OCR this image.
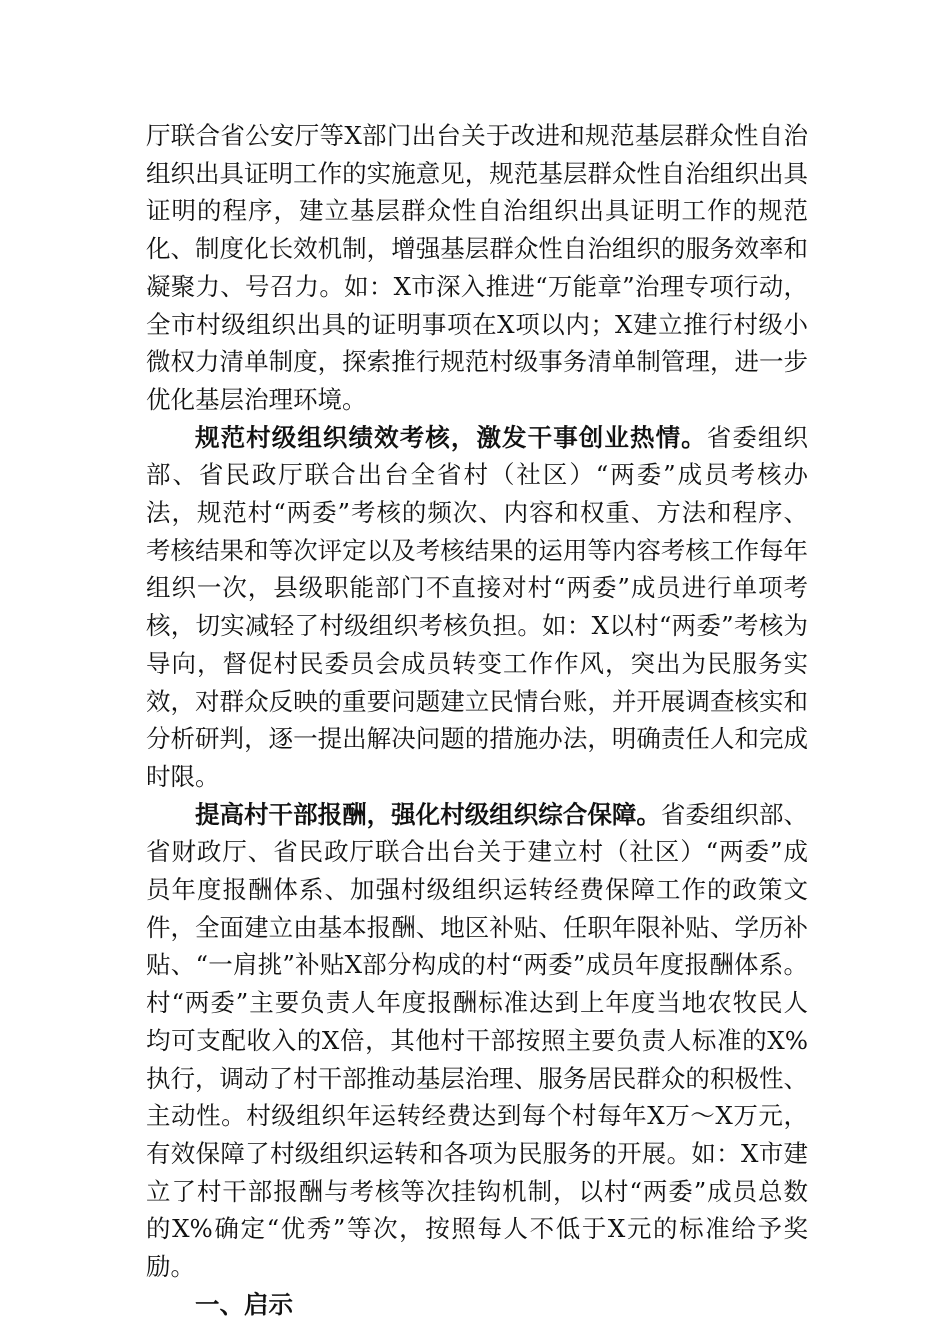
厅联合省公安厅等X部门出台关于改进和规范基层群众性自治组织出具证明工作的实施意见，规范基层群众性自治组织出具证明的程序，建立基层群众性自治组织出具证明工作的规范化、制度化长效机制，增强基层群众性自治组织的服务效率和凝聚力、号召力。如：X市深入推进“万能章”治理专项行动，全市村级组织出具的证明事项在X项以内；X建立推行村级小微权力清单制度，探索推行规范村级事务清单制管理，进一步优化基层治理环境。

规范村级组织绩效考核，激发干事创业热情。省委组织部、省民政厅联合出台全省村（社区）“两委”成员考核办法，规范村“两委”考核的频次、内容和权重、方法和程序、考核结果和等次评定以及考核结果的运用等内容考核工作每年组织一次，县级职能部门不直接对村“两委”成员进行单项考核，切实减轻了村级组织考核负担。如：X以村“两委”考核为导向，督促村民委员会成员转变工作作风，突出为民服务实效，对群众反映的重要问题建立民情台账，并开展调查核实和分析研判，逐一提出解决问题的措施办法，明确责任人和完成时限。

提高村干部报酬，强化村级组织综合保障。省委组织部、省财政厅、省民政厅联合出台关于建立村（社区）“两委”成员年度报酬体系、加强村级组织运转经费保障工作的政策文件，全面建立由基本报酬、地区补贴、任职年限补贴、学历补贴、“一肩挑”补贴X部分构成的村“两委”成员年度报酬体系。村“两委”主要负责人年度报酬标准达到上年度当地农牧民人均可支配收入的X倍，其他村干部按照主要负责人标准的X%执行，调动了村干部推动基层治理、服务居民群众的积极性、主动性。村级组织年运转经费达到每个村每年X万～X万元，有效保障了村级组织运转和各项为民服务的开展。如：X市建立了村干部报酬与考核等次挂钩机制，以村“两委”成员总数的X%确定“优秀”等次，按照每人不低于X元的标准给予奖励。

一、启示
